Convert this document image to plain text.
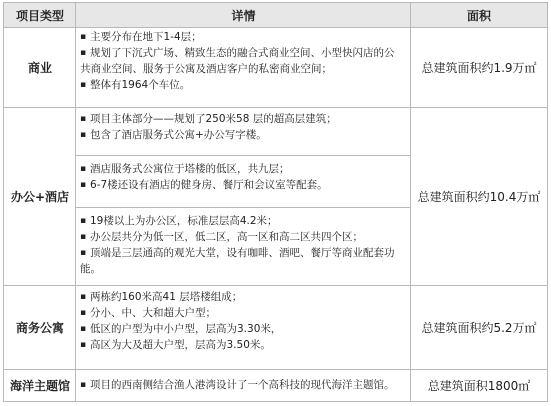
项目类型	详情	面积
商业
▪ 主要分布在地下1-4层；
▪ 规划了下沉式广场、精致生态的融合式商业空间、小型快闪店的公
共商业空间、服务于公寓及酒店客户的私密商业空间；
▪ 整体有1964个车位。
总建筑面积约1.9万㎡
办公+酒店
▪ 项目主体部分——规划了250米58 层的超高层建筑；
▪ 包含了酒店服务式公寓+办公写字楼。
▪ 酒店服务式公寓位于塔楼的低区，共九层；
▪ 6-7楼还设有酒店的健身房、餐厅和会议室等配套。
▪ 19楼以上为办公区，标准层层高4.2米；
▪ 办公层共分为低一区，低二区，高一区和高二区共四个区；
▪ 顶端是三层通高的观光大堂，设有咖啡、酒吧、餐厅等商业配套功
能。
总建筑面积约10.4万㎡
商务公寓
▪ 两栋约160米高41 层塔楼组成；
▪ 分小、中、大和超大户型；
▪ 低区的户型为中小户型，层高为3.30米，
▪ 高区为大及超大户型，层高为3.50米。
总建筑面积约5.2万㎡
海洋主题馆
▪	项目的西南侧结合渔人港湾设计了一个高科技的现代海洋主题馆。	总建筑面积1800㎡
